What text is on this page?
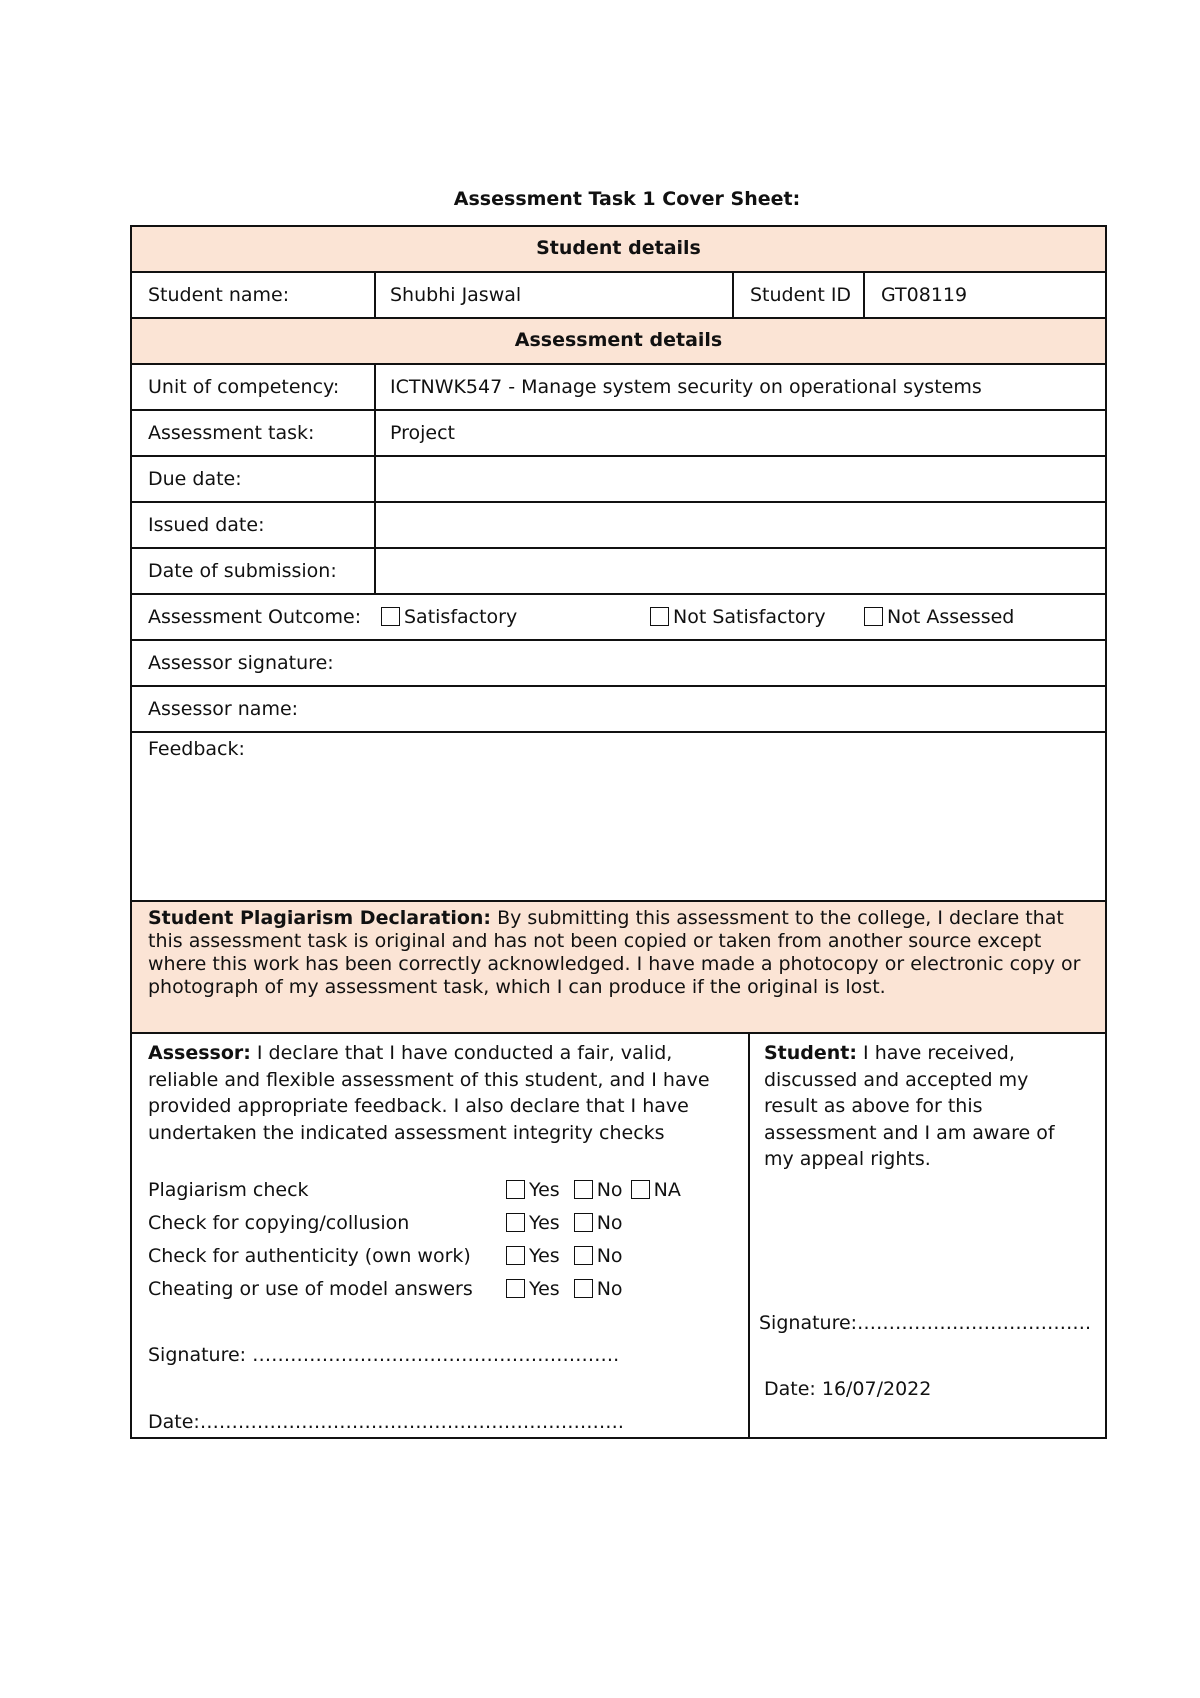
Assessment Task 1 Cover Sheet:
Student details
Student name:	Shubhi Jaswal	Student ID GT08119
Assessment details
Unit of competency:	ICTNWK547 - Manage system security on operational systems
Assessment task:	Project
Due date:
Issued date:
Date of submission:
Assessment Outcome:	Satisfactory	Not Satisfactory	Not Assessed
Assessor signature:
Assessor name:
Feedback:
Student Plagiarism Declaration: By submitting this assessment to the college, I declare that this assessment task is original and has not been copied or taken from another source except where this work has been correctly acknowledged. I have made a photocopy or electronic copy or photograph of my assessment task, which I can produce if the original is lost.
Assessor: I declare that I have conducted a fair, valid, reliable and flexible assessment of this student, and I have provided appropriate feedback. I also declare that I have undertaken the indicated assessment integrity checks
Plagiarism check	Yes No NA
Check for copying/collusion	Yes No
Check for authenticity (own work)	Yes No
Cheating or use of model answers	Yes No
Signature: ………………………………………………….
Date:………………………………………………………….
Student: I have received, discussed and accepted my result as above for this assessment and I am aware of my appeal rights.
Signature:……………………………….
Date: 16/07/2022
